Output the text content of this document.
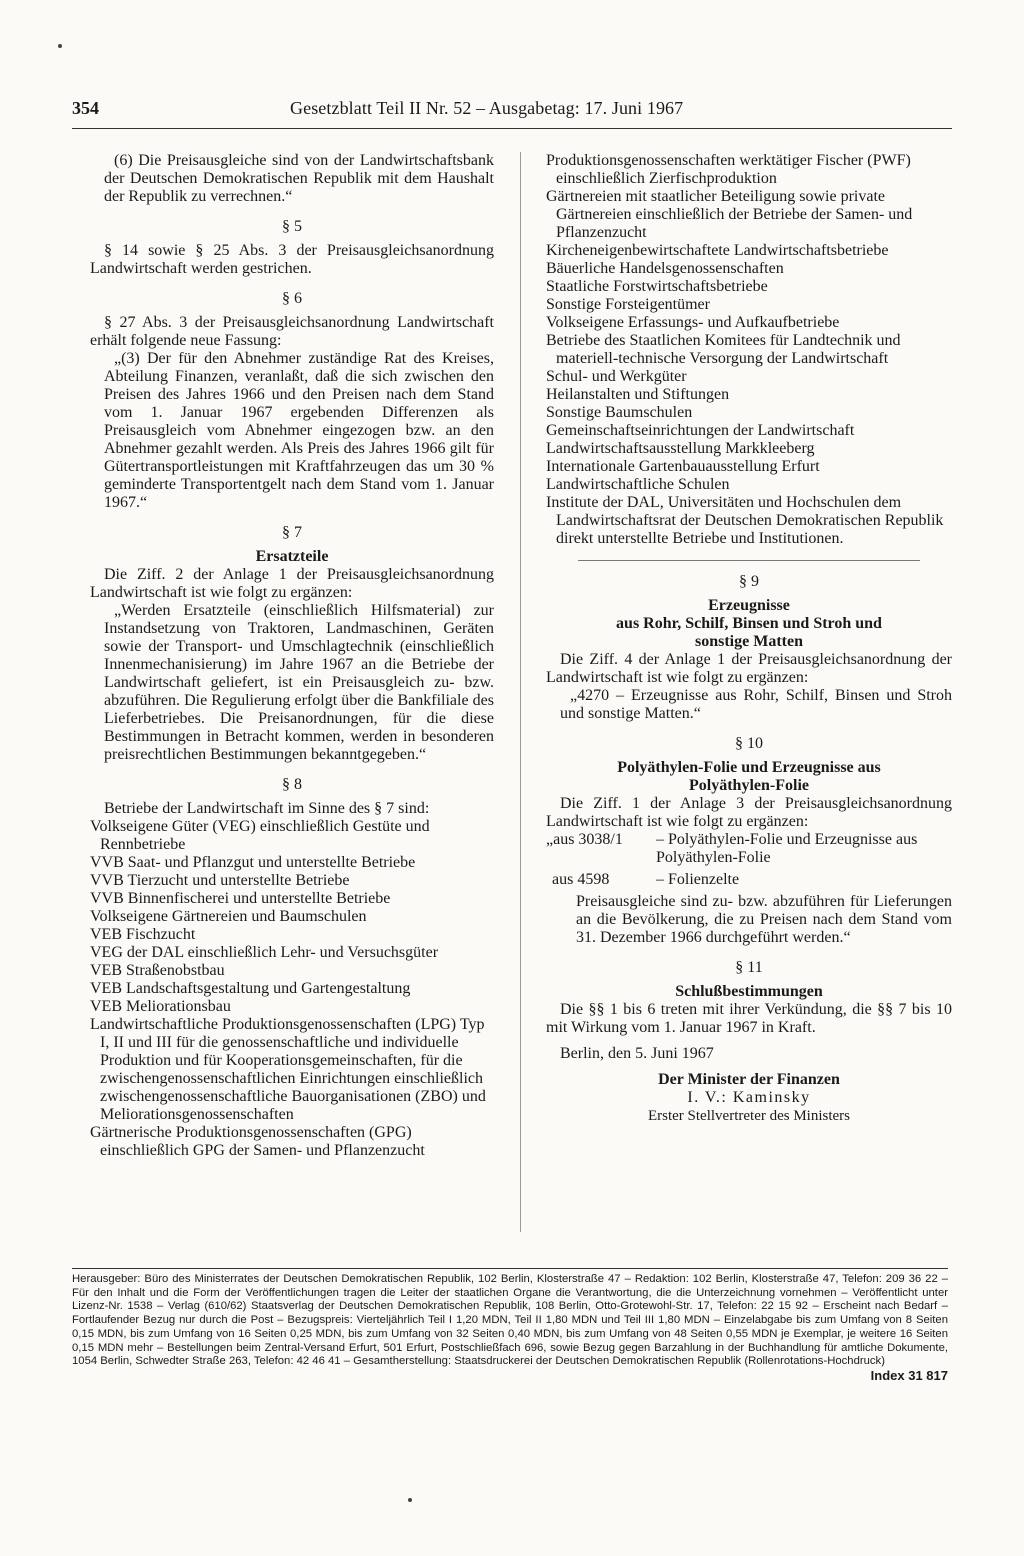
354	Gesetzblatt Teil II Nr. 52 – Ausgabetag: 17. Juni 1967

(6) Die Preisausgleiche sind von der Landwirtschaftsbank der Deutschen Demokratischen Republik mit dem Haushalt der Republik zu verrechnen.“

§ 5

§ 14 sowie § 25 Abs. 3 der Preisausgleichsanordnung Landwirtschaft werden gestrichen.

§ 6

§ 27 Abs. 3 der Preisausgleichsanordnung Landwirtschaft erhält folgende neue Fassung:

„(3) Der für den Abnehmer zuständige Rat des Kreises, Abteilung Finanzen, veranlaßt, daß die sich zwischen den Preisen des Jahres 1966 und den Preisen nach dem Stand vom 1. Januar 1967 ergebenden Differenzen als Preisausgleich vom Abnehmer eingezogen bzw. an den Abnehmer gezahlt werden. Als Preis des Jahres 1966 gilt für Gütertransportleistungen mit Kraftfahrzeugen das um 30 % geminderte Transportentgelt nach dem Stand vom 1. Januar 1967.“

§ 7
Ersatzteile

Die Ziff. 2 der Anlage 1 der Preisausgleichsanordnung Landwirtschaft ist wie folgt zu ergänzen:

„Werden Ersatzteile (einschließlich Hilfsmaterial) zur Instandsetzung von Traktoren, Landmaschinen, Geräten sowie der Transport- und Umschlagtechnik (einschließlich Innenmechanisierung) im Jahre 1967 an die Betriebe der Landwirtschaft geliefert, ist ein Preisausgleich zu- bzw. abzuführen. Die Regulierung erfolgt über die Bankfiliale des Lieferbetriebes. Die Preisanordnungen, für die diese Bestimmungen in Betracht kommen, werden in besonderen preisrechtlichen Bestimmungen bekanntgegeben.“

§ 8

Betriebe der Landwirtschaft im Sinne des § 7 sind:

Volkseigene Güter (VEG) einschließlich Gestüte und Rennbetriebe

VVB Saat- und Pflanzgut und unterstellte Betriebe

VVB Tierzucht und unterstellte Betriebe

VVB Binnenfischerei und unterstellte Betriebe

Volkseigene Gärtnereien und Baumschulen

VEB Fischzucht

VEG der DAL einschließlich Lehr- und Versuchsgüter

VEB Straßenobstbau

VEB Landschaftsgestaltung und Gartengestaltung

VEB Meliorationsbau

Landwirtschaftliche Produktionsgenossenschaften (LPG) Typ I, II und III für die genossenschaftliche und individuelle Produktion und für Kooperationsgemeinschaften, für die zwischengenossenschaftlichen Einrichtungen einschließlich zwischengenossenschaftliche Bauorganisationen (ZBO) und Meliorationsgenossenschaften

Gärtnerische Produktionsgenossenschaften (GPG) einschließlich GPG der Samen- und Pflanzenzucht

Produktionsgenossenschaften werktätiger Fischer (PWF) einschließlich Zierfischproduktion

Gärtnereien mit staatlicher Beteiligung sowie private Gärtnereien einschließlich der Betriebe der Samen- und Pflanzenzucht

Kircheneigenbewirtschaftete Landwirtschaftsbetriebe

Bäuerliche Handelsgenossenschaften

Staatliche Forstwirtschaftsbetriebe

Sonstige Forsteigentümer

Volkseigene Erfassungs- und Aufkaufbetriebe

Betriebe des Staatlichen Komitees für Landtechnik und materiell-technische Versorgung der Landwirtschaft

Schul- und Werkgüter

Heilanstalten und Stiftungen

Sonstige Baumschulen

Gemeinschaftseinrichtungen der Landwirtschaft

Landwirtschaftsausstellung Markkleeberg

Internationale Gartenbauausstellung Erfurt

Landwirtschaftliche Schulen

Institute der DAL, Universitäten und Hochschulen dem Landwirtschaftsrat der Deutschen Demokratischen Republik direkt unterstellte Betriebe und Institutionen.

§ 9
Erzeugnisse
aus Rohr, Schilf, Binsen und Stroh und
sonstige Matten

Die Ziff. 4 der Anlage 1 der Preisausgleichsanordnung der Landwirtschaft ist wie folgt zu ergänzen:

„4270 – Erzeugnisse aus Rohr, Schilf, Binsen und Stroh und sonstige Matten.“

§ 10
Polyäthylen-Folie und Erzeugnisse aus
Polyäthylen-Folie

Die Ziff. 1 der Anlage 3 der Preisausgleichsanordnung Landwirtschaft ist wie folgt zu ergänzen:

„aus 3038/1	– Polyäthylen-Folie und Erzeugnisse aus Polyäthylen-Folie
aus 4598	– Folienzelte

Preisausgleiche sind zu- bzw. abzuführen für Lieferungen an die Bevölkerung, die zu Preisen nach dem Stand vom 31. Dezember 1966 durchgeführt werden.“

§ 11
Schlußbestimmungen

Die §§ 1 bis 6 treten mit ihrer Verkündung, die §§ 7 bis 10 mit Wirkung vom 1. Januar 1967 in Kraft.

Berlin, den 5. Juni 1967

Der Minister der Finanzen
I. V.: Kaminsky
Erster Stellvertreter des Ministers
Herausgeber: Büro des Ministerrates der Deutschen Demokratischen Republik, 102 Berlin, Klosterstraße 47 – Redaktion: 102 Berlin, Klosterstraße 47, Telefon: 209 36 22 – Für den Inhalt und die Form der Veröffentlichungen tragen die Leiter der staatlichen Organe die Verantwortung, die die Unterzeichnung vornehmen – Veröffentlicht unter Lizenz-Nr. 1538 – Verlag (610/62) Staatsverlag der Deutschen Demokratischen Republik, 108 Berlin, Otto-Grotewohl-Str. 17, Telefon: 22 15 92 – Erscheint nach Bedarf – Fortlaufender Bezug nur durch die Post – Bezugspreis: Vierteljährlich Teil I 1,20 MDN, Teil II 1,80 MDN und Teil III 1,80 MDN – Einzelabgabe bis zum Umfang von 8 Seiten 0,15 MDN, bis zum Umfang von 16 Seiten 0,25 MDN, bis zum Umfang von 32 Seiten 0,40 MDN, bis zum Umfang von 48 Seiten 0,55 MDN je Exemplar, je weitere 16 Seiten 0,15 MDN mehr – Bestellungen beim Zentral-Versand Erfurt, 501 Erfurt, Postschließfach 696, sowie Bezug gegen Barzahlung in der Buchhandlung für amtliche Dokumente, 1054 Berlin, Schwedter Straße 263, Telefon: 42 46 41 – Gesamtherstellung: Staatsdruckerei der Deutschen Demokratischen Republik (Rollenrotations-Hochdruck)
Index 31 817
